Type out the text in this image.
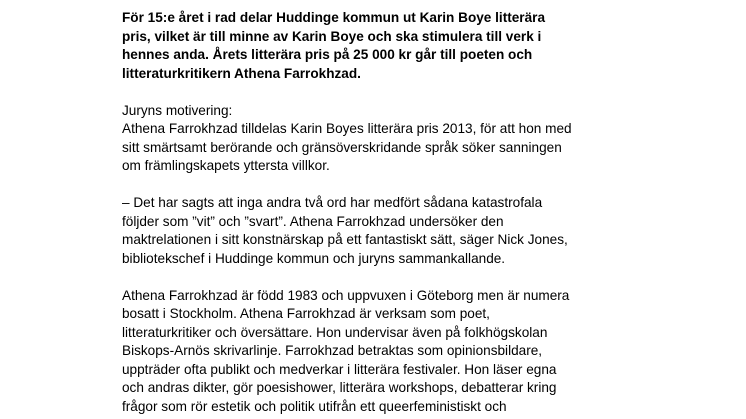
För 15:e året i rad delar Huddinge kommun ut Karin Boye litterära
pris, vilket är till minne av Karin Boye och ska stimulera till verk i
hennes anda. Årets litterära pris på 25 000 kr går till poeten och
litteraturkritikern Athena Farrokhzad.
Juryns motivering:
Athena Farrokhzad tilldelas Karin Boyes litterära pris 2013, för att hon med
sitt smärtsamt berörande och gränsöverskridande språk söker sanningen
om främlingskapets yttersta villkor.
– Det har sagts att inga andra två ord har medfört sådana katastrofala
följder som ”vit” och ”svart”. Athena Farrokhzad undersöker den
maktrelationen i sitt konstnärskap på ett fantastiskt sätt, säger Nick Jones,
bibliotekschef i Huddinge kommun och juryns sammankallande.
Athena Farrokhzad är född 1983 och uppvuxen i Göteborg men är numera
bosatt i Stockholm. Athena Farrokhzad är verksam som poet,
litteraturkritiker och översättare. Hon undervisar även på folkhögskolan
Biskops-Arnös skrivarlinje. Farrokhzad betraktas som opinionsbildare,
uppträder ofta publikt och medverkar i litterära festivaler. Hon läser egna
och andras dikter, gör poesishower, litterära workshops, debatterar kring
frågor som rör estetik och politik utifrån ett queerfeministiskt och
